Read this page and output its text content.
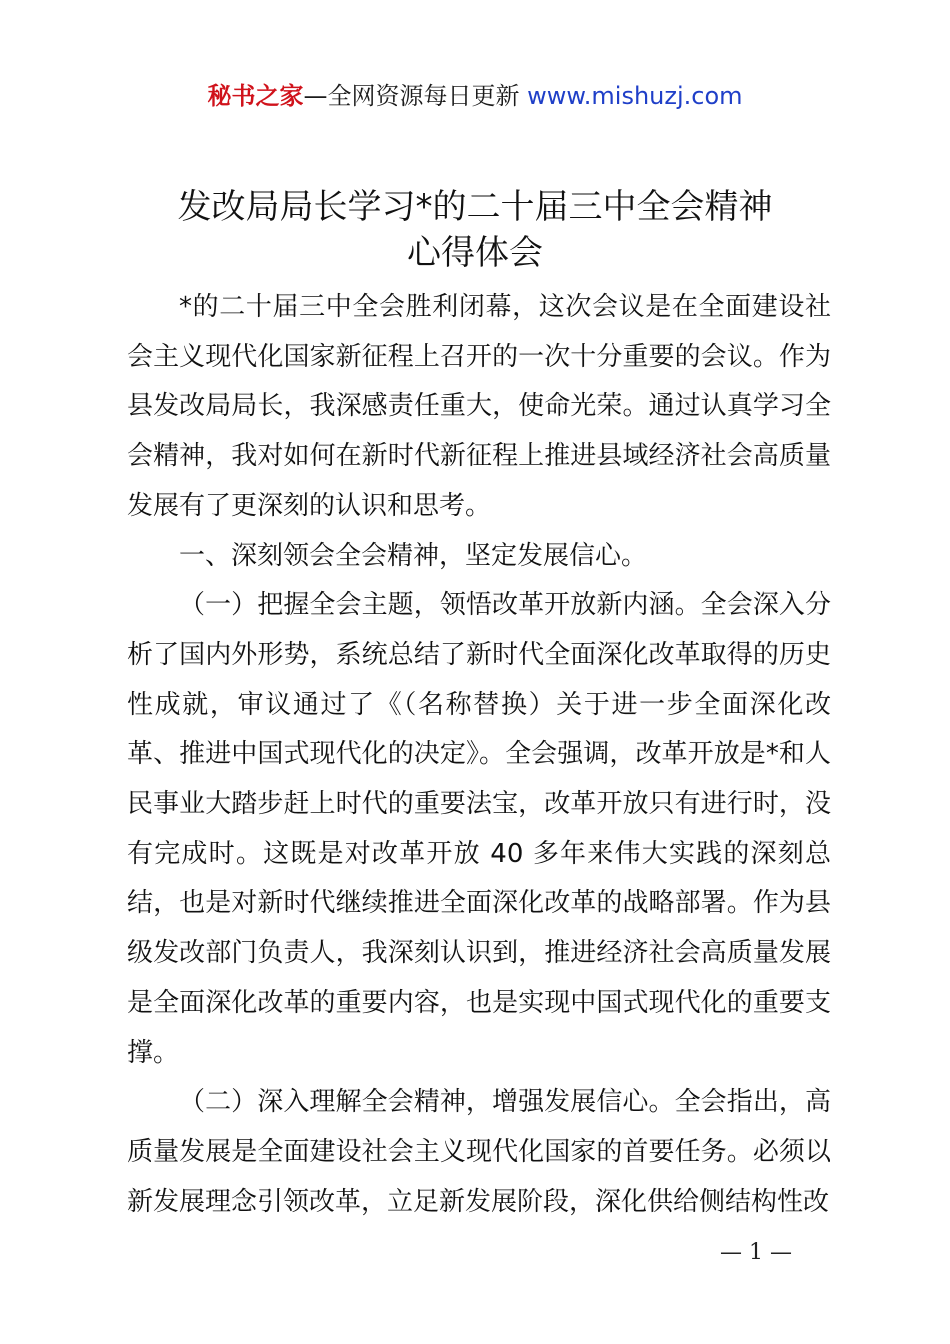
秘书之家—全网资源每日更新 www.mishuzj.com
发改局局长学习*的二十届三中全会精神
心得体会

*的二十届三中全会胜利闭幕，这次会议是在全面建设社会主义现代化国家新征程上召开的一次十分重要的会议。作为县发改局局长，我深感责任重大，使命光荣。通过认真学习全会精神，我对如何在新时代新征程上推进县域经济社会高质量发展有了更深刻的认识和思考。

一、深刻领会全会精神，坚定发展信心。

（一）把握全会主题，领悟改革开放新内涵。全会深入分析了国内外形势，系统总结了新时代全面深化改革取得的历史性成就，审议通过了《（名称替换）关于进一步全面深化改革、推进中国式现代化的决定》。全会强调，改革开放是*和人民事业大踏步赶上时代的重要法宝，改革开放只有进行时，没有完成时。这既是对改革开放 40 多年来伟大实践的深刻总结，也是对新时代继续推进全面深化改革的战略部署。作为县级发改部门负责人，我深刻认识到，推进经济社会高质量发展是全面深化改革的重要内容，也是实现中国式现代化的重要支撑。

（二）深入理解全会精神，增强发展信心。全会指出，高质量发展是全面建设社会主义现代化国家的首要任务。必须以新发展理念引领改革，立足新发展阶段，深化供给侧结构性改

— 1 —
